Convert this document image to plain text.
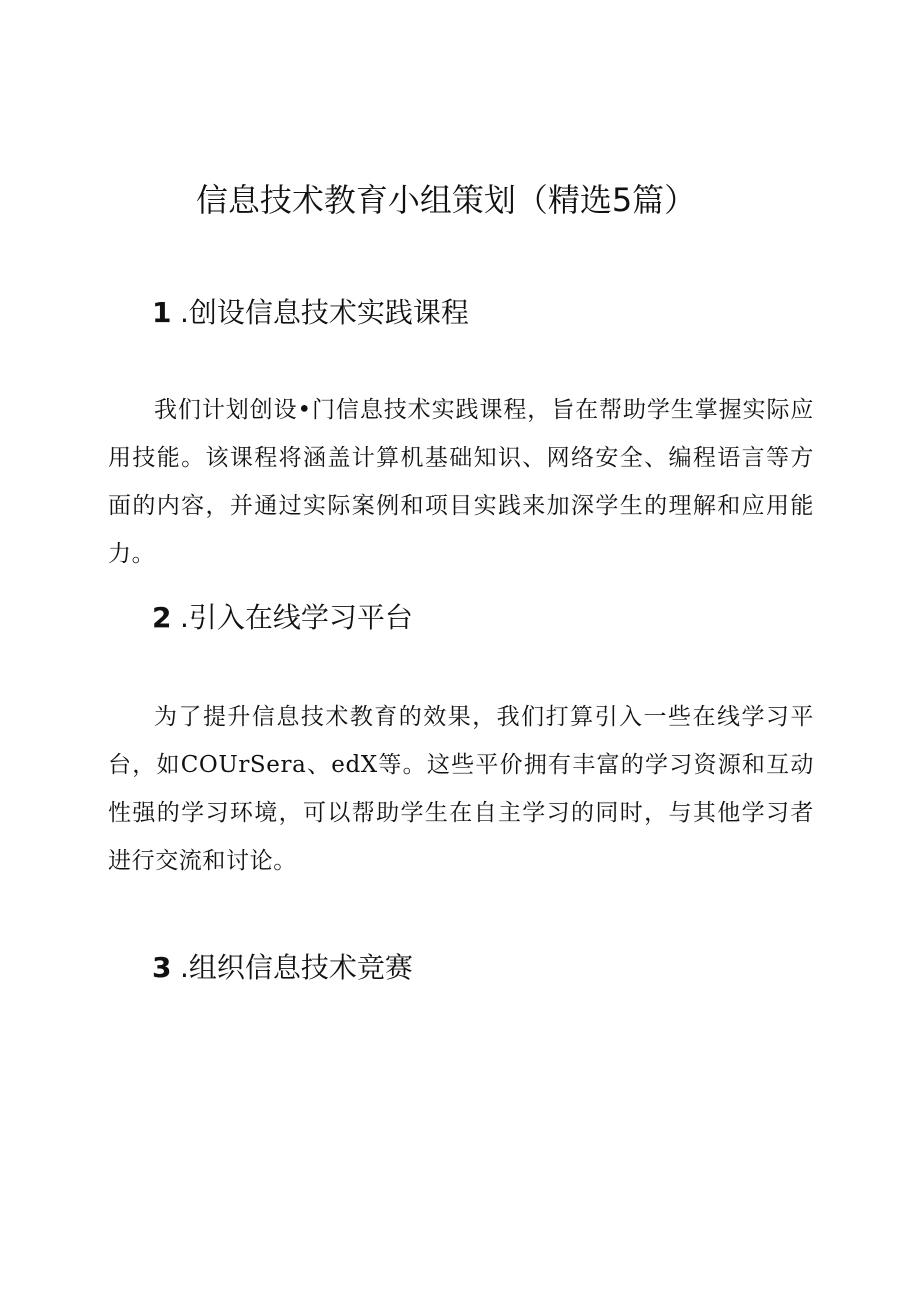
信息技术教育小组策划（精选5篇）
1 .创设信息技术实践课程

我们计划创设•门信息技术实践课程，旨在帮助学生掌握实际应用技能。该课程将涵盖计算机基础知识、网络安全、编程语言等方面的内容，并通过实际案例和项目实践来加深学生的理解和应用能力。

2 .引入在线学习平台

为了提升信息技术教育的效果，我们打算引入一些在线学习平台，如COUrSera、edX等。这些平价拥有丰富的学习资源和互动性强的学习环境，可以帮助学生在自主学习的同时，与其他学习者进行交流和讨论。

3 .组织信息技术竞赛
